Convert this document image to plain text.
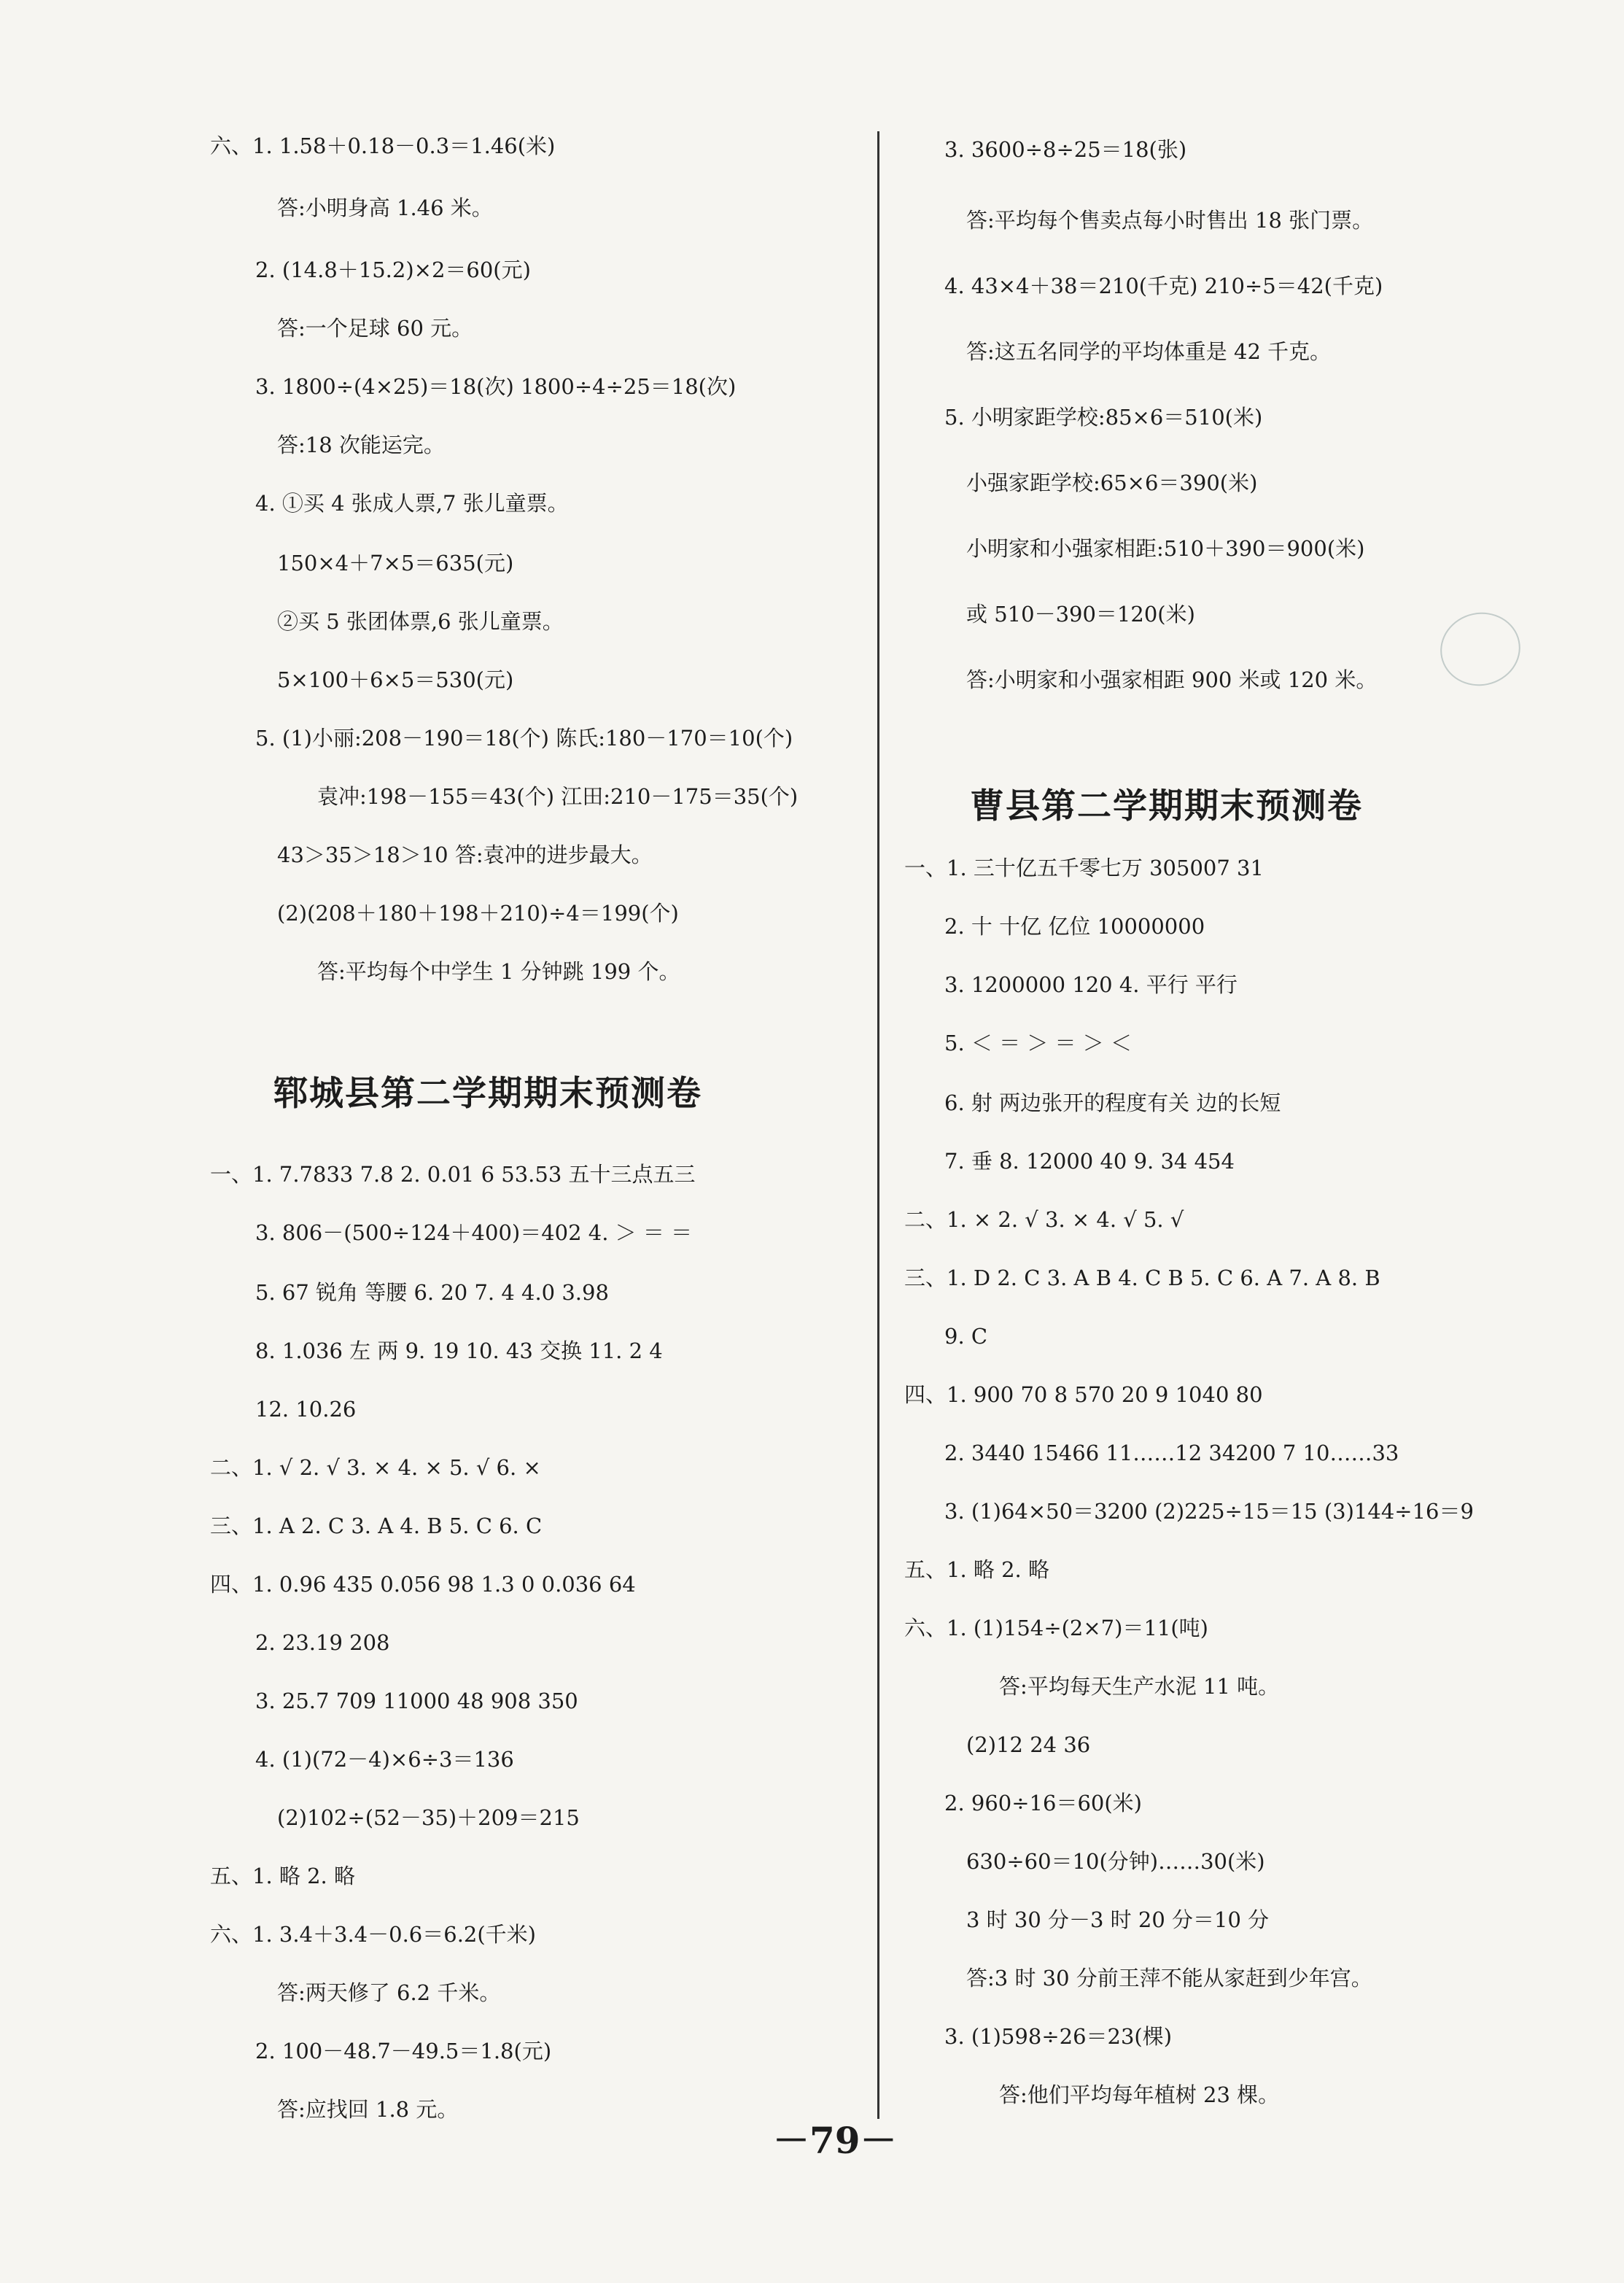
六、1. 1.58＋0.18－0.3＝1.46(米)
答:小明身高 1.46 米。
2. (14.8＋15.2)×2＝60(元)
答:一个足球 60 元。
3. 1800÷(4×25)＝18(次) 1800÷4÷25＝18(次)
答:18 次能运完。
4. ①买 4 张成人票,7 张儿童票。
150×4＋7×5＝635(元)
②买 5 张团体票,6 张儿童票。
5×100＋6×5＝530(元)
5. (1)小丽:208－190＝18(个) 陈氏:180－170＝10(个)
袁冲:198－155＝43(个) 江田:210－175＝35(个)
43＞35＞18＞10 答:袁冲的进步最大。
(2)(208＋180＋198＋210)÷4＝199(个)
答:平均每个中学生 1 分钟跳 199 个。
郓城县第二学期期末预测卷
一、1. 7.7833 7.8 2. 0.01 6 53.53 五十三点五三
3. 806－(500÷124＋400)＝402 4. ＞ ＝ ＝
5. 67 锐角 等腰 6. 20 7. 4 4.0 3.98
8. 1.036 左 两 9. 19 10. 43 交换 11. 2 4
12. 10.26
二、1. √ 2. √ 3. × 4. × 5. √ 6. ×
三、1. A 2. C 3. A 4. B 5. C 6. C
四、1. 0.96 435 0.056 98 1.3 0 0.036 64
2. 23.19 208
3. 25.7 709 11000 48 908 350
4. (1)(72－4)×6÷3＝136
(2)102÷(52－35)＋209＝215
五、1. 略 2. 略
六、1. 3.4＋3.4－0.6＝6.2(千米)
答:两天修了 6.2 千米。
2. 100－48.7－49.5＝1.8(元)
答:应找回 1.8 元。
3. 3600÷8÷25＝18(张)
答:平均每个售卖点每小时售出 18 张门票。
4. 43×4＋38＝210(千克) 210÷5＝42(千克)
答:这五名同学的平均体重是 42 千克。
5. 小明家距学校:85×6＝510(米)
小强家距学校:65×6＝390(米)
小明家和小强家相距:510＋390＝900(米)
或 510－390＝120(米)
答:小明家和小强家相距 900 米或 120 米。
曹县第二学期期末预测卷
一、1. 三十亿五千零七万 305007 31
2. 十 十亿 亿位 10000000
3. 1200000 120 4. 平行 平行
5. ＜ ＝ ＞ ＝ ＞ ＜
6. 射 两边张开的程度有关 边的长短
7. 垂 8. 12000 40 9. 34 454
二、1. × 2. √ 3. × 4. √ 5. √
三、1. D 2. C 3. A B 4. C B 5. C 6. A 7. A 8. B
9. C
四、1. 900 70 8 570 20 9 1040 80
2. 3440 15466 11……12 34200 7 10……33
3. (1)64×50＝3200 (2)225÷15＝15 (3)144÷16＝9
五、1. 略 2. 略
六、1. (1)154÷(2×7)＝11(吨)
答:平均每天生产水泥 11 吨。
(2)12 24 36
2. 960÷16＝60(米)
630÷60＝10(分钟)……30(米)
3 时 30 分－3 时 20 分＝10 分
答:3 时 30 分前王萍不能从家赶到少年宫。
3. (1)598÷26＝23(棵)
答:他们平均每年植树 23 棵。
－79－
